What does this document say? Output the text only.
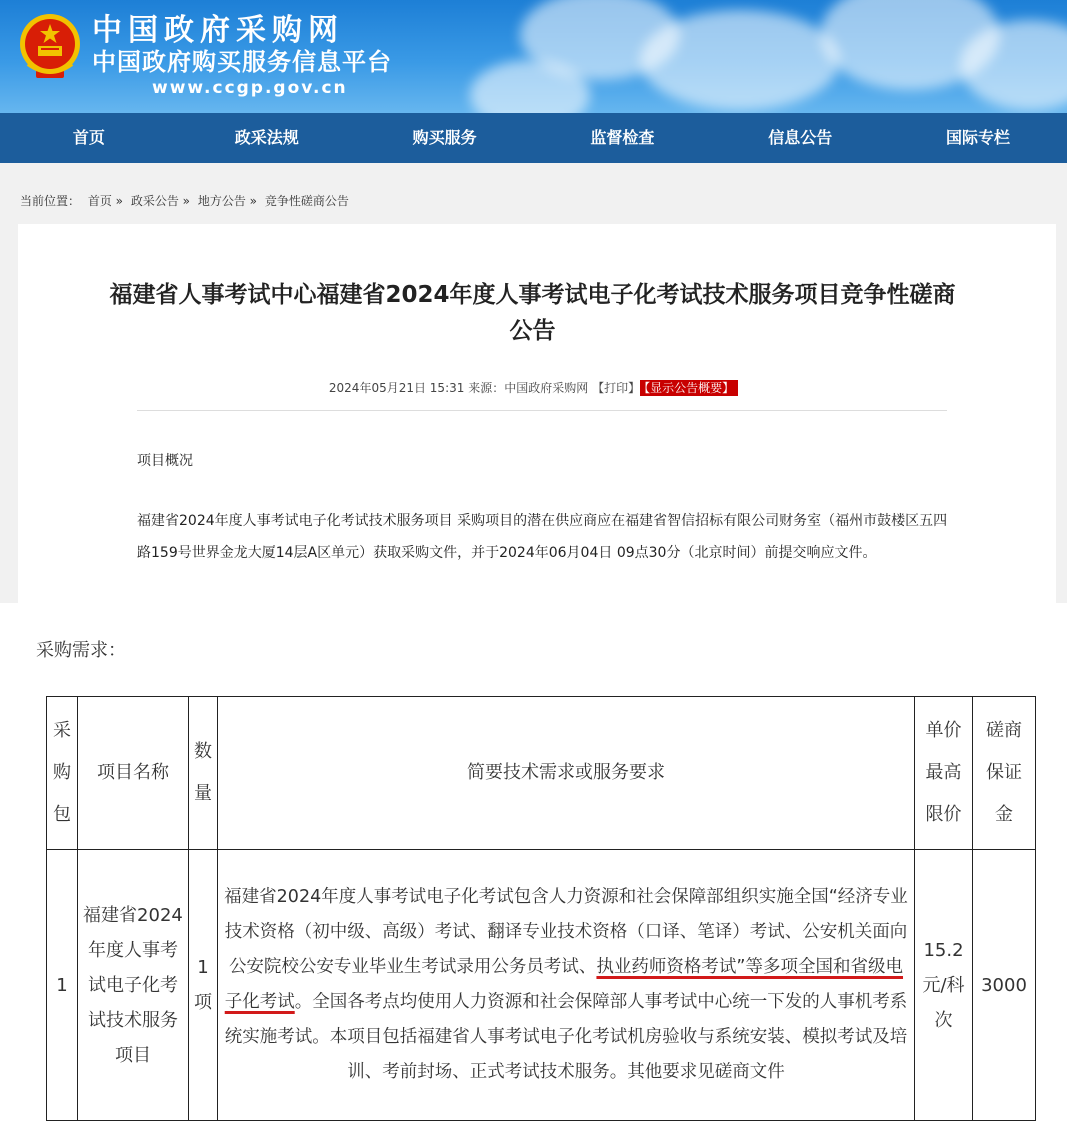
中国政府采购网
中国政府购买服务信息平台
www.ccgp.gov.cn
首页	政采法规	购买服务	监督检查	信息公告	国际专栏
当前位置： 首页 » 政采公告 » 地方公告 » 竞争性磋商公告
福建省人事考试中心福建省2024年度人事考试电子化考试技术服务项目竞争性磋商
公告
2024年05月21日 15:31 来源：中国政府采购网 【打印】 【显示公告概要】
项目概况
福建省2024年度人事考试电子化考试技术服务项目 采购项目的潜在供应商应在福建省智信招标有限公司财务室（福州市鼓楼区五四路159号世界金龙大厦14层A区单元）获取采购文件，并于2024年06月04日 09点30分（北京时间）前提交响应文件。
采购需求：
采购包	项目名称	数量	简要技术需求或服务要求	单价最高限价	磋商保证金

1	福建省2024年度人事考试电子化考试技术服务项目	1项	福建省2024年度人事考试电子化考试包含人力资源和社会保障部组织实施全国“经济专业技术资格（初中级、高级）考试、翻译专业技术资格（口译、笔译）考试、公安机关面向公安院校公安专业毕业生考试录用公务员考试、执业药师资格考试”等多项全国和省级电子化考试。全国各考点均使用人力资源和社会保障部人事考试中心统一下发的人事机考系统实施考试。本项目包括福建省人事考试电子化考试机房验收与系统安装、模拟考试及培训、考前封场、正式考试技术服务。其他要求见磋商文件	15.2元/科次	3000
